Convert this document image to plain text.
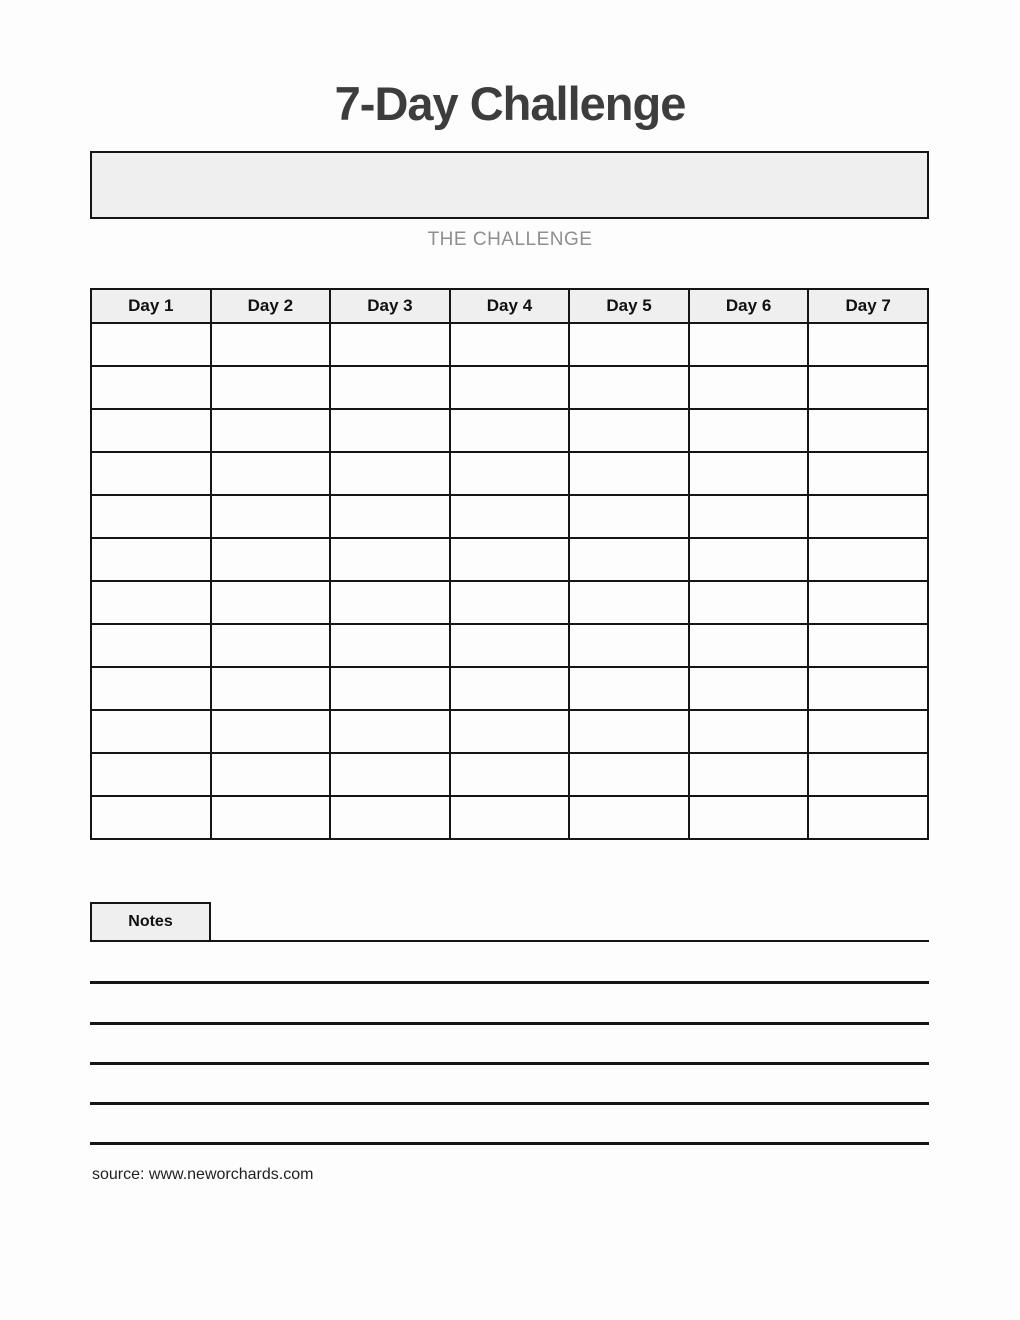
7-Day Challenge
THE CHALLENGE
Day 1	Day 2	Day 3	Day 4	Day 5	Day 6	Day 7

Notes
source: www.neworchards.com
